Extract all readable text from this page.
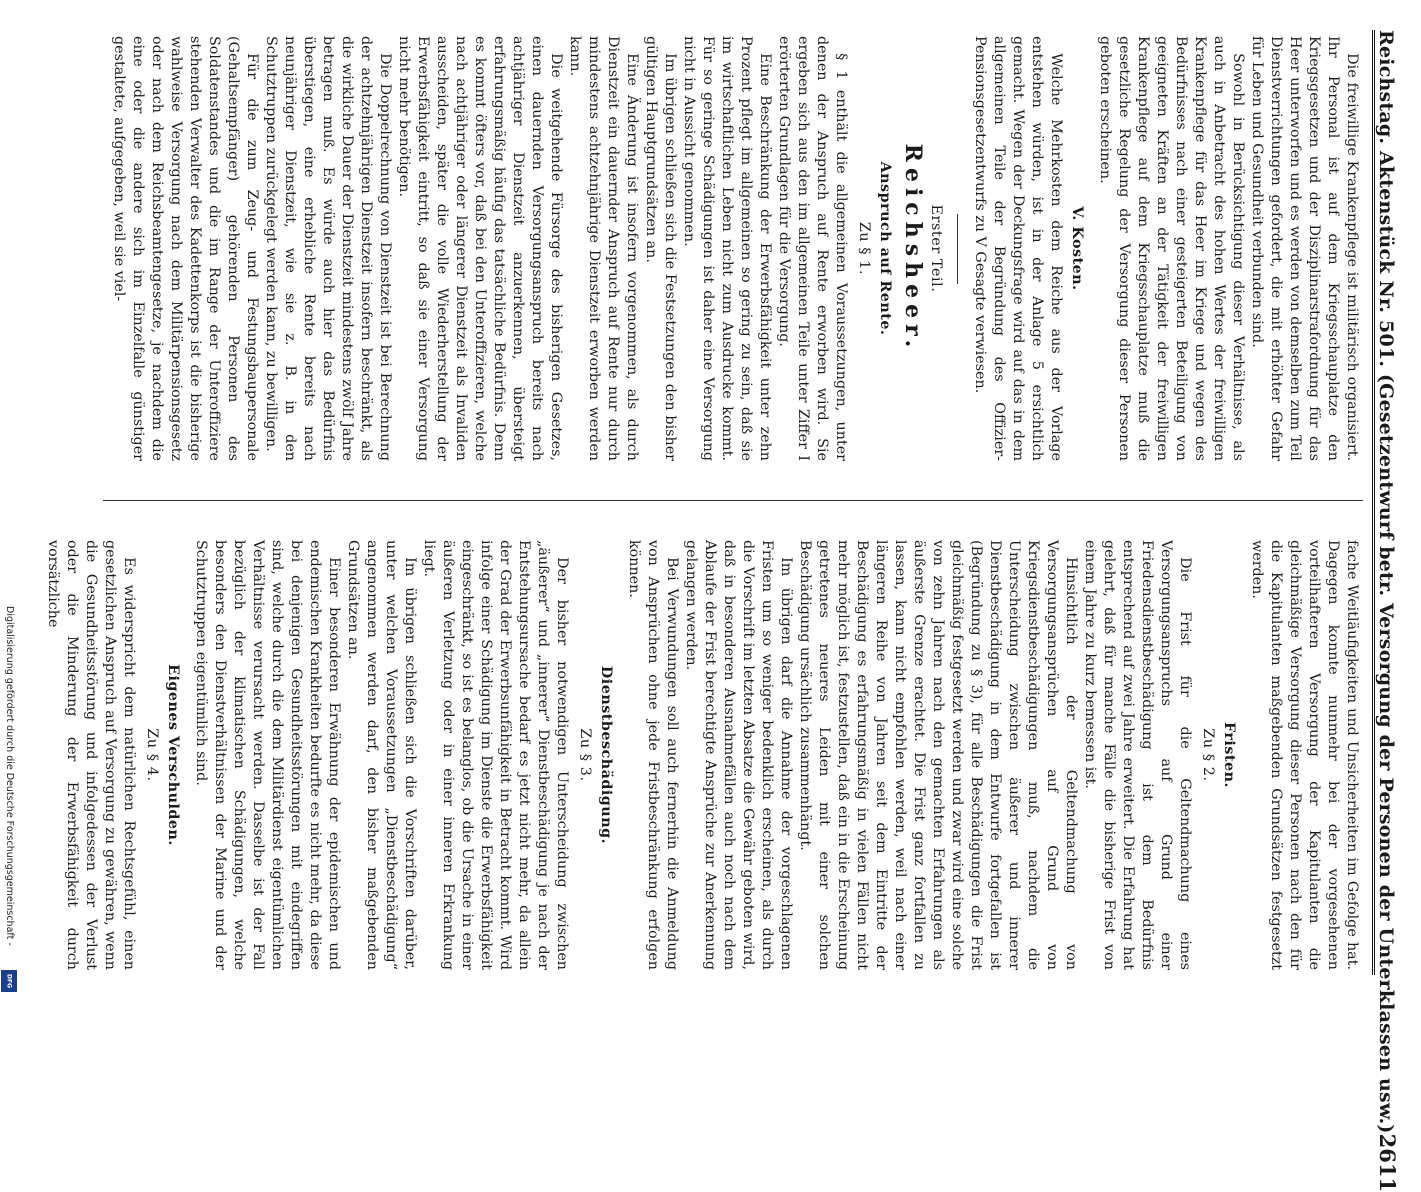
Reichstag. Aktenstück Nr. 501. (Gesetzentwurf betr. Versorgung der Personen der Unterklassen usw.)
2611

Die freiwillige Krankenpflege ist militärisch organisiert. Ihr Personal ist auf dem Kriegsschauplatze den Kriegsgesetzen und der Disziplinarstrafordnung für das Heer unterworfen und es werden von demselben zum Teil Dienstverrichtungen gefordert, die mit erhöhter Gefahr für Leben und Gesundheit verbunden sind.

Sowohl in Berücksichtigung dieser Verhältnisse, als auch in Anbetracht des hohen Wertes der freiwilligen Krankenpflege für das Heer im Kriege und wegen des Bedürfnisses nach einer gesteigerten Beteiligung von geeigneten Kräften an der Tätigkeit der freiwilligen Krankenpflege auf dem Kriegsschauplatze muß die gesetzliche Regelung der Versorgung dieser Personen geboten erscheinen.

V. Kosten.

Welche Mehrkosten dem Reiche aus der Vorlage entstehen würden, ist in der Anlage 5 ersichtlich gemacht. Wegen der Deckungsfrage wird auf das in dem allgemeinen Teile der Begründung des Offizier-Pensionsgesetzentwurfs zu V Gesagte verwiesen.

Erster Teil.
Reichsheer.
Anspruch auf Rente.
Zu § 1.

§ 1 enthält die allgemeinen Voraussetzungen, unter denen der Anspruch auf Rente erworben wird. Sie ergeben sich aus den im allgemeinen Teile unter Ziffer I erörterten Grundlagen für die Versorgung.

Eine Beschränkung der Erwerbsfähigkeit unter zehn Prozent pflegt im allgemeinen so gering zu sein, daß sie im wirtschaftlichen Leben nicht zum Ausdrucke kommt. Für so geringe Schädigungen ist daher eine Versorgung nicht in Aussicht genommen.

Im übrigen schließen sich die Festsetzungen den bisher gültigen Hauptgrundsätzen an.

Eine Änderung ist insofern vorgenommen, als durch Dienstzeit ein dauernder Anspruch auf Rente nur durch mindestens achtzehnjährige Dienstzeit erworben werden kann.

Die weitgehende Fürsorge des bisherigen Gesetzes, einen dauernden Versorgungsanspruch bereits nach achtjähriger Dienstzeit anzuerkennen, übersteigt erfahrungsmäßig häufig das tatsächliche Bedürfnis. Denn es kommt öfters vor, daß bei den Unteroffizieren, welche nach achtjähriger oder längerer Dienstzeit als Invaliden ausscheiden, später die volle Wiederherstellung der Erwerbsfähigkeit eintritt, so daß sie einer Versorgung nicht mehr benötigen.

Die Doppelrechnung von Dienstzeit ist bei Berechnung der achtzehnjährigen Dienstzeit insofern beschränkt, als die wirkliche Dauer der Dienstzeit mindestens zwölf Jahre betragen muß. Es würde auch hier das Bedürfnis überstiegen, eine erhebliche Rente bereits nach neunjähriger Dienstzeit, wie sie z. B. in den Schutztruppen zurückgelegt werden kann, zu bewilligen.

Für die zum Zeug- und Festungsbaupersonale (Gehaltsempfänger) gehörenden Personen des Soldatenstandes und die im Range der Unteroffiziere stehenden Verwalter des Kadettenkorps ist die bisherige wahlweise Versorgung nach dem Militärpensionsgesetz oder nach dem Reichsbeamtengesetze, je nachdem die eine oder die andere sich im Einzelfalle günstiger gestaltete, aufgegeben, weil sie viel-

fache Weitläufigkeiten und Unsicherheiten im Gefolge hat. Dagegen konnte nunmehr bei der vorgesehenen vorteilhafteren Versorgung der Kapitulanten die gleichmäßige Versorgung dieser Personen nach den für die Kapitulanten maßgebenden Grundsätzen festgesetzt werden.

Fristen.
Zu § 2.

Die Frist für die Geltendmachung eines Versorgungsanspruchs auf Grund einer Friedensdienstbeschädigung ist dem Bedürfnis entsprechend auf zwei Jahre erweitert. Die Erfahrung hat gelehrt, daß für manche Fälle die bisherige Frist von einem Jahre zu kurz bemessen ist.

Hinsichtlich der Geltendmachung von Versorgungsansprüchen auf Grund von Kriegsdienstbeschädigungen muß, nachdem die Unterscheidung zwischen äußerer und innerer Dienstbeschädigung in dem Entwurfe fortgefallen ist (Begründung zu § 3), für alle Beschädigungen die Frist gleichmäßig festgesetzt werden und zwar wird eine solche von zehn Jahren nach den gemachten Erfahrungen als äußerste Grenze erachtet. Die Frist ganz fortfallen zu lassen, kann nicht empfohlen werden, weil nach einer längeren Reihe von Jahren seit dem Eintritte der Beschädigung es erfahrungsmäßig in vielen Fällen nicht mehr möglich ist, festzustellen, daß ein in die Erscheinung getretenes neueres Leiden mit einer solchen Beschädigung ursächlich zusammenhängt.

Im übrigen darf die Annahme der vorgeschlagenen Fristen um so weniger bedenklich erscheinen, als durch die Vorschrift im letzten Absatze die Gewähr geboten wird, daß in besonderen Ausnahmefällen auch noch nach dem Ablaufe der Frist berechtigte Ansprüche zur Anerkennung gelangen werden.

Bei Verwundungen soll auch fernerhin die Anmeldung von Ansprüchen ohne jede Fristbeschränkung erfolgen können.

Dienstbeschädigung.
Zu § 3.

Der bisher notwendigen Unterscheidung zwischen „äußerer“ und „innerer“ Dienstbeschädigung je nach der Entstehungsursache bedarf es jetzt nicht mehr, da allein der Grad der Erwerbsunfähigkeit in Betracht kommt. Wird infolge einer Schädigung im Dienste die Erwerbsfähigkeit eingeschränkt, so ist es belanglos, ob die Ursache in einer äußeren Verletzung oder in einer inneren Erkrankung liegt.

Im übrigen schließen sich die Vorschriften darüber, unter welchen Voraussetzungen „Dienstbeschädigung“ angenommen werden darf, den bisher maßgebenden Grundsätzen an.

Einer besonderen Erwähnung der epidemischen und endemischen Krankheiten bedurfte es nicht mehr, da diese bei denjenigen Gesundheitsstörungen mit eindegriffen sind, welche durch die dem Militärdienst eigentümlichen Verhältnisse verursacht werden. Dasselbe ist der Fall bezüglich der klimatischen Schädigungen, welche besonders den Dienstverhältnissen der Marine und der Schutztruppen eigentümlich sind.

Eigenes Verschulden.
Zu § 4.

Es widerspricht dem natürlichen Rechtsgefühl, einen gesetzlichen Anspruch auf Versorgung zu gewähren, wenn die Gesundheitsstörung und infolgedessen der Verlust oder die Minderung der Erwerbsfähigkeit durch vorsätzliche

Digitalisierung gefördert durch die Deutsche Forschungsgemeinschaft -
DFG
